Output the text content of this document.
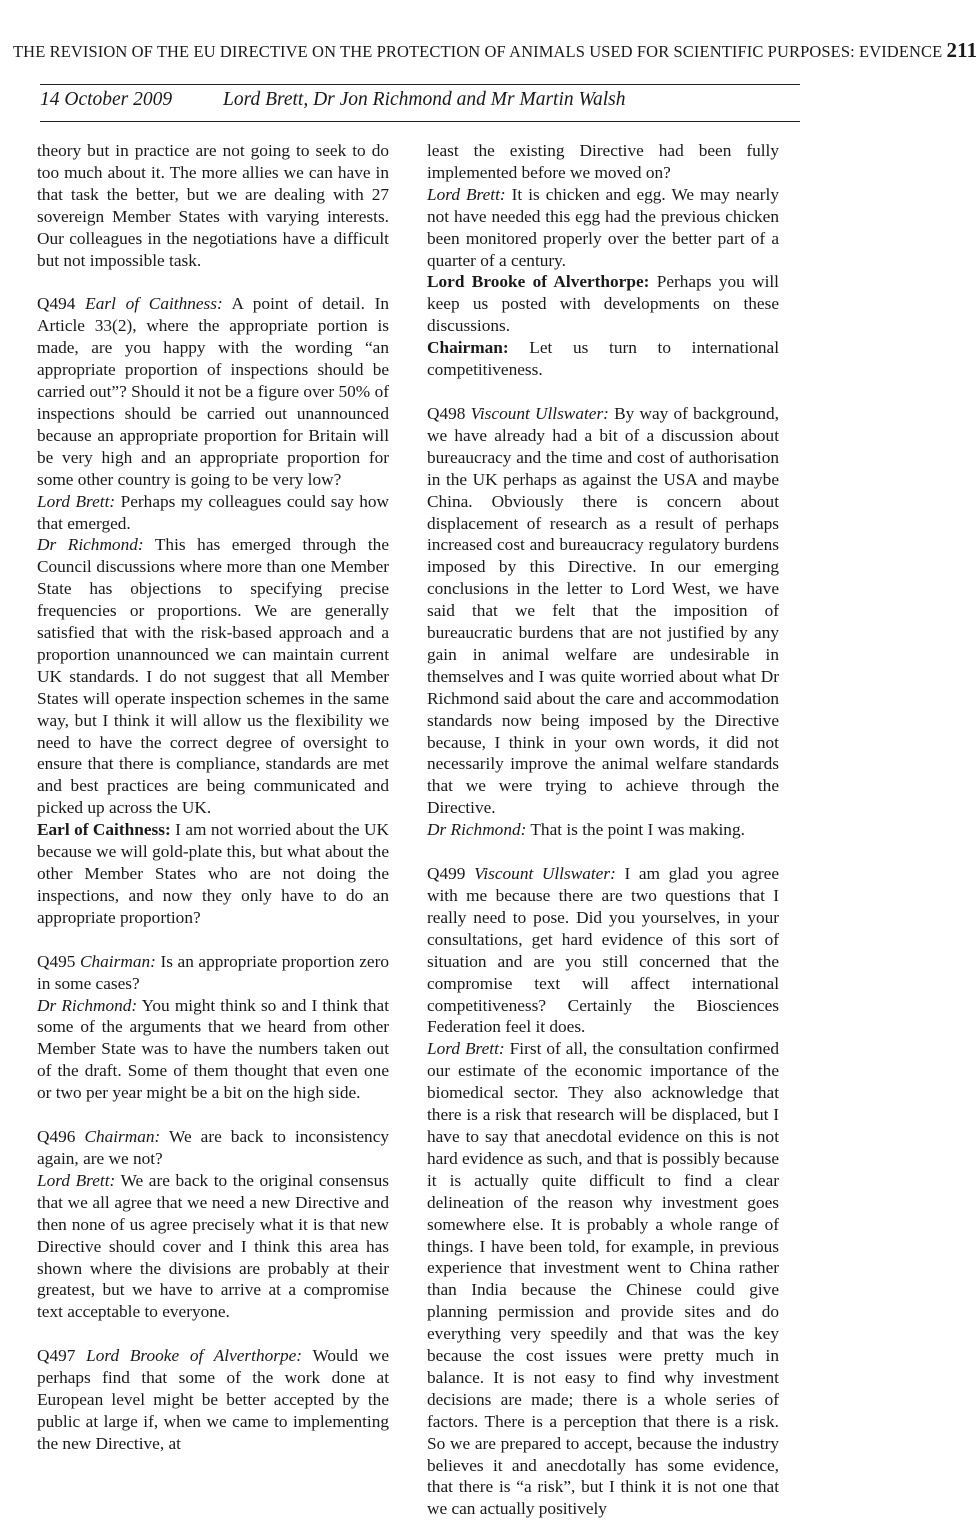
THE REVISION OF THE EU DIRECTIVE ON THE PROTECTION OF ANIMALS USED FOR SCIENTIFIC PURPOSES: EVIDENCE 211
14 October 2009	Lord Brett, Dr Jon Richmond and Mr Martin Walsh

theory but in practice are not going to seek to do too much about it. The more allies we can have in that task the better, but we are dealing with 27 sovereign Member States with varying interests. Our colleagues in the negotiations have a difficult but not impossible task.

Q494 Earl of Caithness: A point of detail. In Article 33(2), where the appropriate portion is made, are you happy with the wording “an appropriate proportion of inspections should be carried out”? Should it not be a figure over 50% of inspections should be carried out unannounced because an appropriate proportion for Britain will be very high and an appropriate proportion for some other country is going to be very low?

Lord Brett: Perhaps my colleagues could say how that emerged.

Dr Richmond: This has emerged through the Council discussions where more than one Member State has objections to specifying precise frequencies or proportions. We are generally satisfied that with the risk-based approach and a proportion unannounced we can maintain current UK standards. I do not suggest that all Member States will operate inspection schemes in the same way, but I think it will allow us the flexibility we need to have the correct degree of oversight to ensure that there is compliance, standards are met and best practices are being communicated and picked up across the UK.

Earl of Caithness: I am not worried about the UK because we will gold-plate this, but what about the other Member States who are not doing the inspections, and now they only have to do an appropriate proportion?

Q495 Chairman: Is an appropriate proportion zero in some cases?

Dr Richmond: You might think so and I think that some of the arguments that we heard from other Member State was to have the numbers taken out of the draft. Some of them thought that even one or two per year might be a bit on the high side.

Q496 Chairman: We are back to inconsistency again, are we not?

Lord Brett: We are back to the original consensus that we all agree that we need a new Directive and then none of us agree precisely what it is that new Directive should cover and I think this area has shown where the divisions are probably at their greatest, but we have to arrive at a compromise text acceptable to everyone.

Q497 Lord Brooke of Alverthorpe: Would we perhaps find that some of the work done at European level might be better accepted by the public at large if, when we came to implementing the new Directive, at

least the existing Directive had been fully implemented before we moved on?

Lord Brett: It is chicken and egg. We may nearly not have needed this egg had the previous chicken been monitored properly over the better part of a quarter of a century.

Lord Brooke of Alverthorpe: Perhaps you will keep us posted with developments on these discussions.

Chairman: Let us turn to international competitiveness.

Q498 Viscount Ullswater: By way of background, we have already had a bit of a discussion about bureaucracy and the time and cost of authorisation in the UK perhaps as against the USA and maybe China. Obviously there is concern about displacement of research as a result of perhaps increased cost and bureaucracy regulatory burdens imposed by this Directive. In our emerging conclusions in the letter to Lord West, we have said that we felt that the imposition of bureaucratic burdens that are not justified by any gain in animal welfare are undesirable in themselves and I was quite worried about what Dr Richmond said about the care and accommodation standards now being imposed by the Directive because, I think in your own words, it did not necessarily improve the animal welfare standards that we were trying to achieve through the Directive.

Dr Richmond: That is the point I was making.

Q499 Viscount Ullswater: I am glad you agree with me because there are two questions that I really need to pose. Did you yourselves, in your consultations, get hard evidence of this sort of situation and are you still concerned that the compromise text will affect international competitiveness? Certainly the Biosciences Federation feel it does.

Lord Brett: First of all, the consultation confirmed our estimate of the economic importance of the biomedical sector. They also acknowledge that there is a risk that research will be displaced, but I have to say that anecdotal evidence on this is not hard evidence as such, and that is possibly because it is actually quite difficult to find a clear delineation of the reason why investment goes somewhere else. It is probably a whole range of things. I have been told, for example, in previous experience that investment went to China rather than India because the Chinese could give planning permission and provide sites and do everything very speedily and that was the key because the cost issues were pretty much in balance. It is not easy to find why investment decisions are made; there is a whole series of factors. There is a perception that there is a risk. So we are prepared to accept, because the industry believes it and anecdotally has some evidence, that there is “a risk”, but I think it is not one that we can actually positively
